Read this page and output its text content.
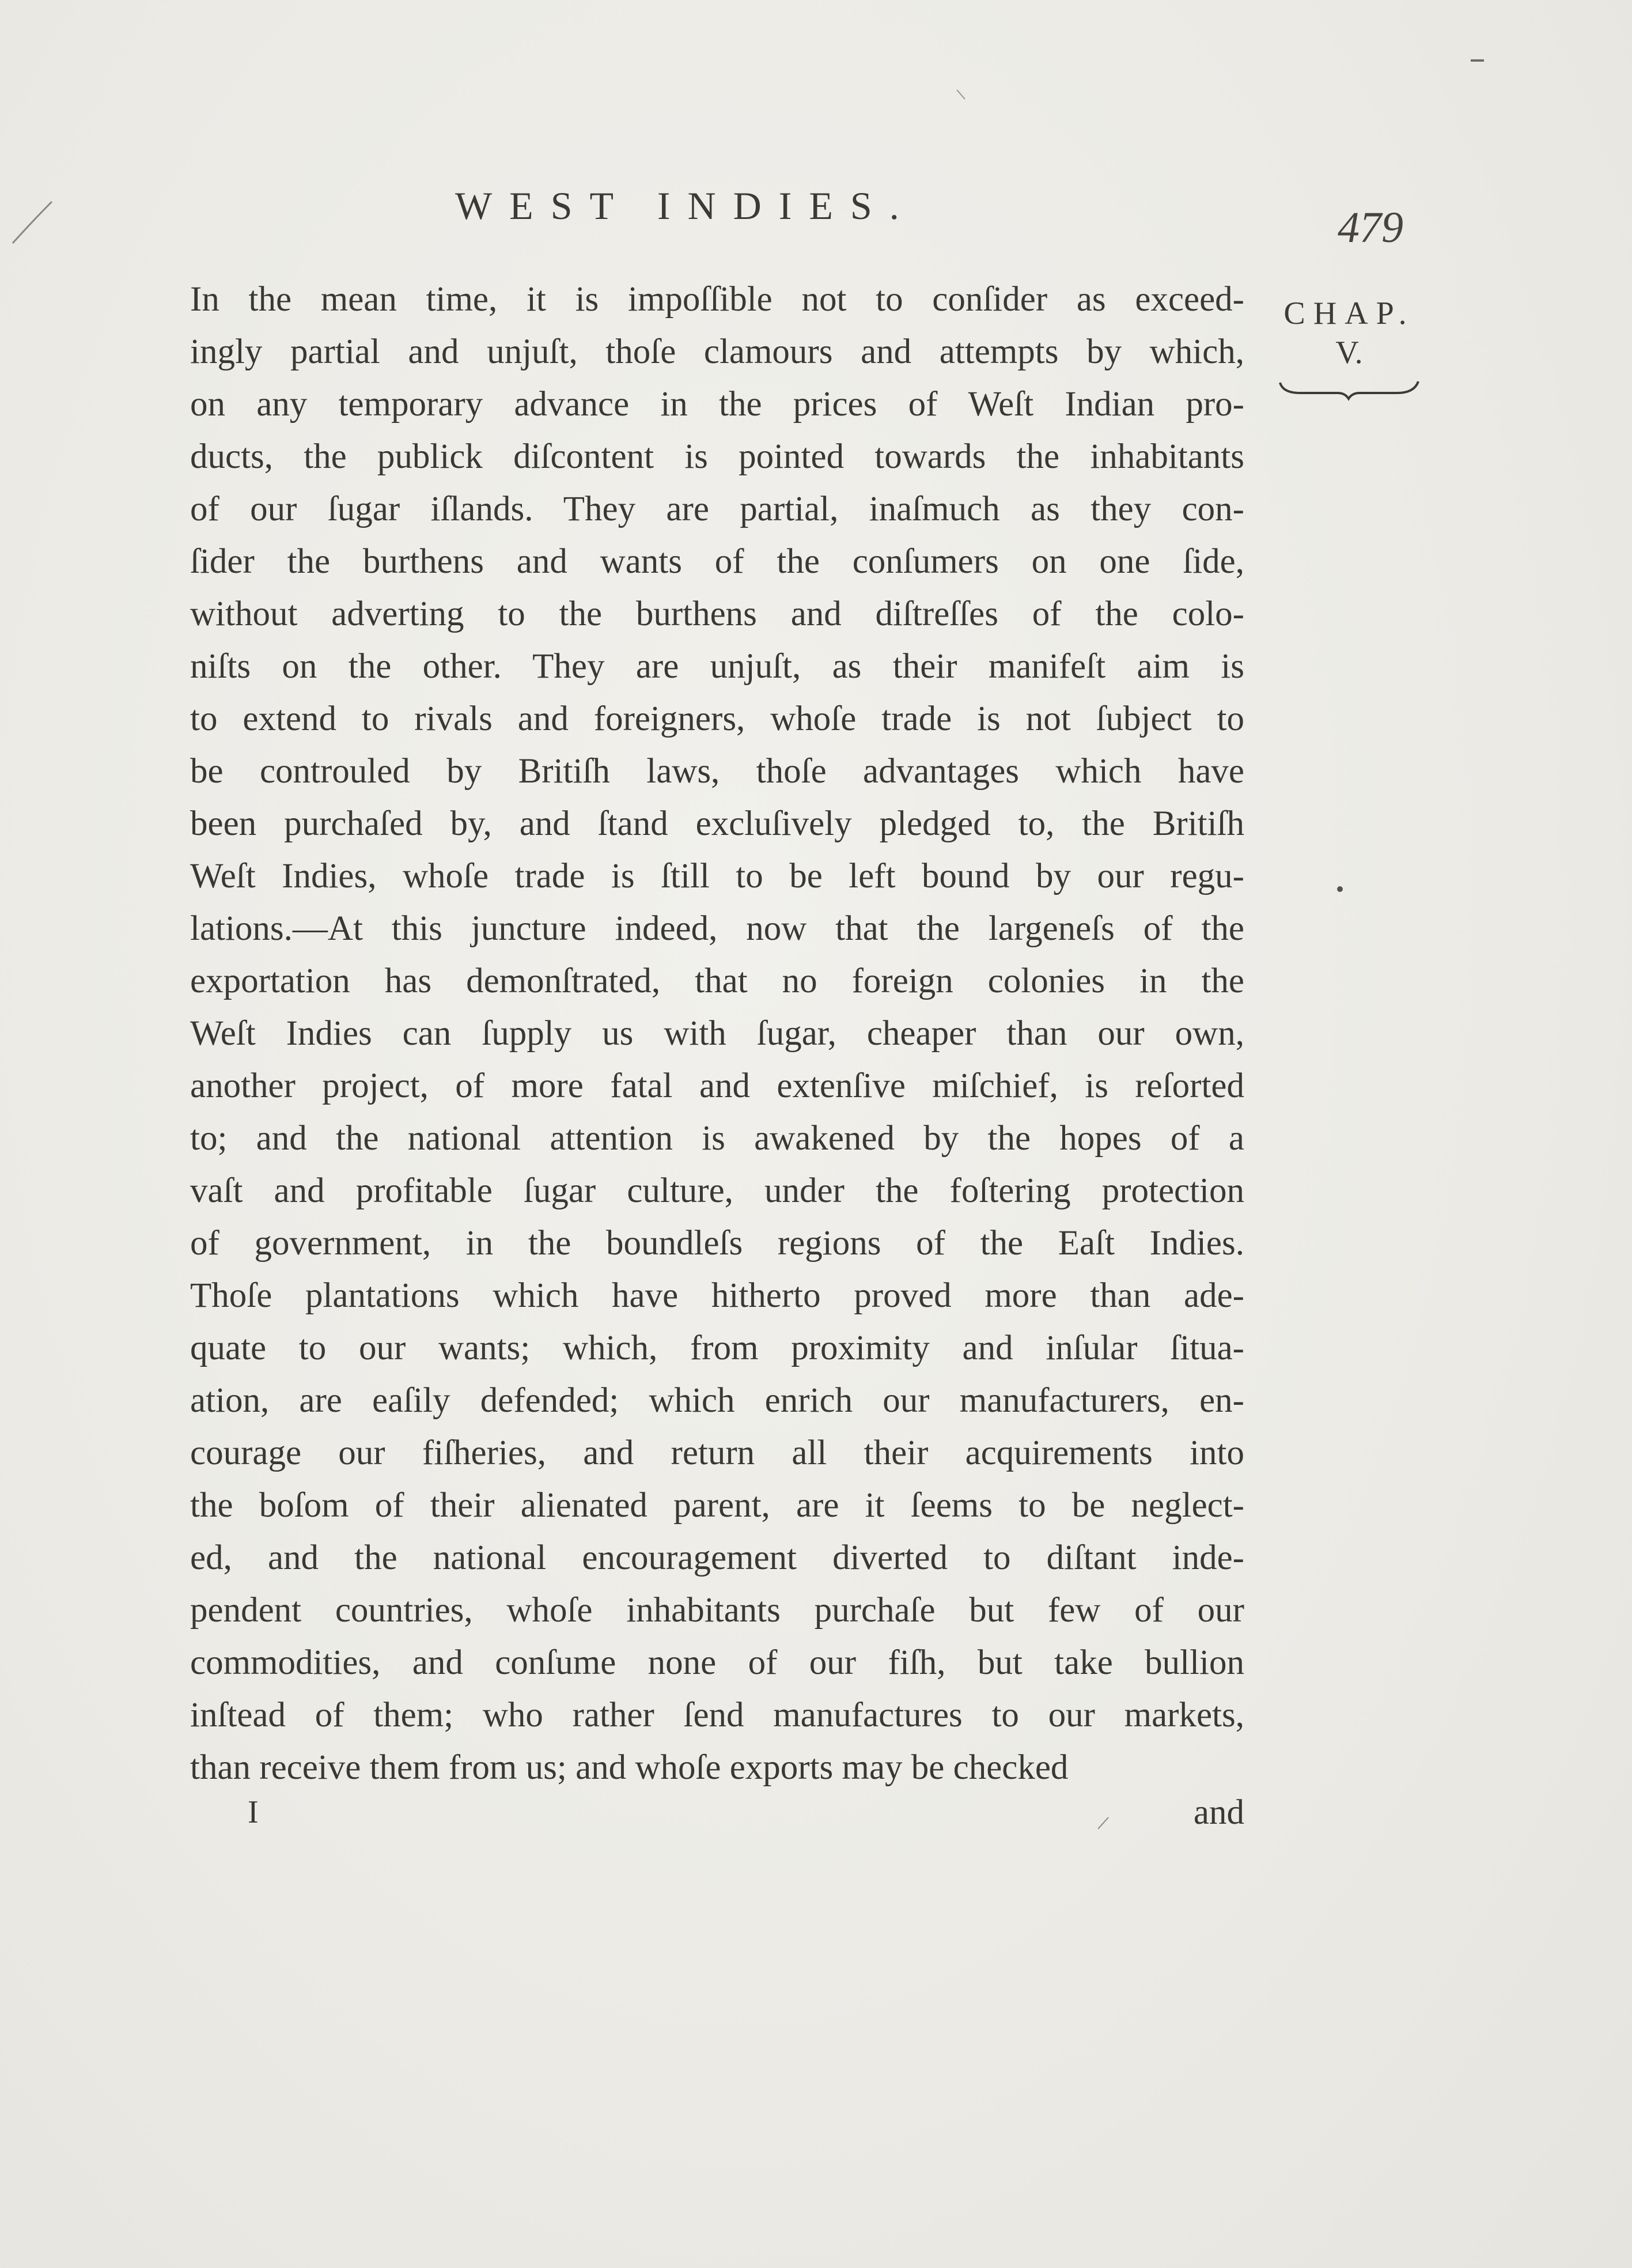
WEST INDIES.	479
CHAP.
V.
In the mean time, it is impoſſible not to conſider as exceed-
ingly partial and unjuſt, thoſe clamours and attempts by which,
on any temporary advance in the prices of Weſt Indian pro-
ducts, the publick diſcontent is pointed towards the inhabitants
of our ſugar iſlands. They are partial, inaſmuch as they con-
ſider the burthens and wants of the conſumers on one ſide,
without adverting to the burthens and diſtreſſes of the colo-
niſts on the other. They are unjuſt, as their manifeſt aim is
to extend to rivals and foreigners, whoſe trade is not ſubject to
be controuled by Britiſh laws, thoſe advantages which have
been purchaſed by, and ſtand excluſively pledged to, the Britiſh
Weſt Indies, whoſe trade is ſtill to be left bound by our regu-
lations.—At this juncture indeed, now that the largeneſs of the
exportation has demonſtrated, that no foreign colonies in the
Weſt Indies can ſupply us with ſugar, cheaper than our own,
another project, of more fatal and extenſive miſchief, is reſorted
to; and the national attention is awakened by the hopes of a
vaſt and profitable ſugar culture, under the foſtering protection
of government, in the boundleſs regions of the Eaſt Indies.
Thoſe plantations which have hitherto proved more than ade-
quate to our wants; which, from proximity and inſular ſitua-
ation, are eaſily defended; which enrich our manufacturers, en-
courage our fiſheries, and return all their acquirements into
the boſom of their alienated parent, are it ſeems to be neglect-
ed, and the national encouragement diverted to diſtant inde-
pendent countries, whoſe inhabitants purchaſe but few of our
commodities, and conſume none of our fiſh, but take bullion
inſtead of them; who rather ſend manufactures to our markets,
than receive them from us; and whoſe exports may be checked
I	and
